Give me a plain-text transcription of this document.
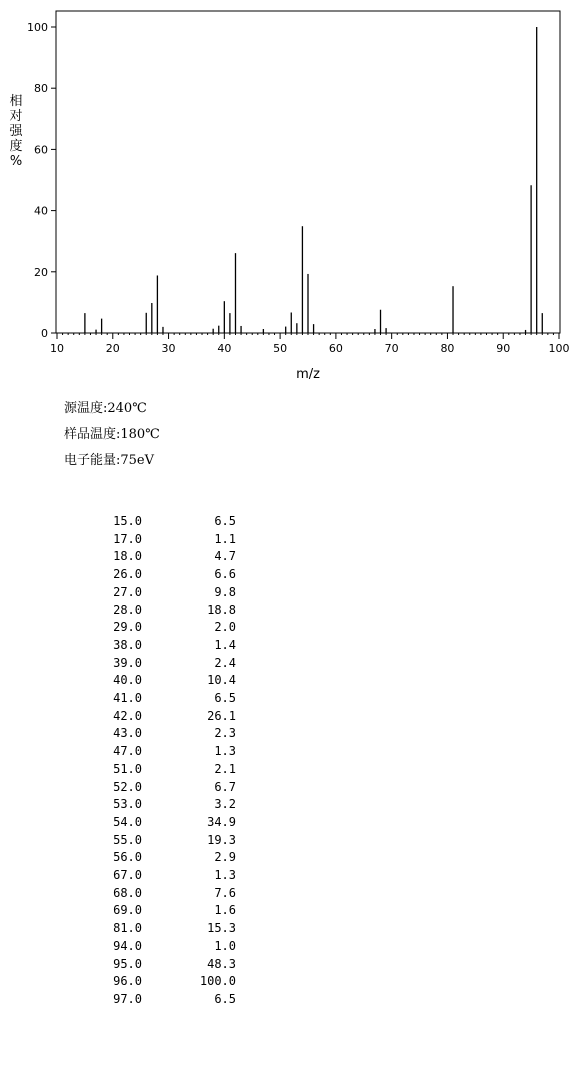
10	20	30	40	50	60	70	80	90	100
0
20
40
60
80
100
m/z
相
对
强
度
%
源温度:240℃
样品温度:180℃
电子能量:75eV
15.0	6.5
17.0	1.1
18.0	4.7
26.0	6.6
27.0	9.8
28.0	18.8
29.0	2.0
38.0	1.4
39.0	2.4
40.0	10.4
41.0	6.5
42.0	26.1
43.0	2.3
47.0	1.3
51.0	2.1
52.0	6.7
53.0	3.2
54.0	34.9
55.0	19.3
56.0	2.9
67.0	1.3
68.0	7.6
69.0	1.6
81.0	15.3
94.0	1.0
95.0	48.3
96.0	100.0
97.0	6.5
